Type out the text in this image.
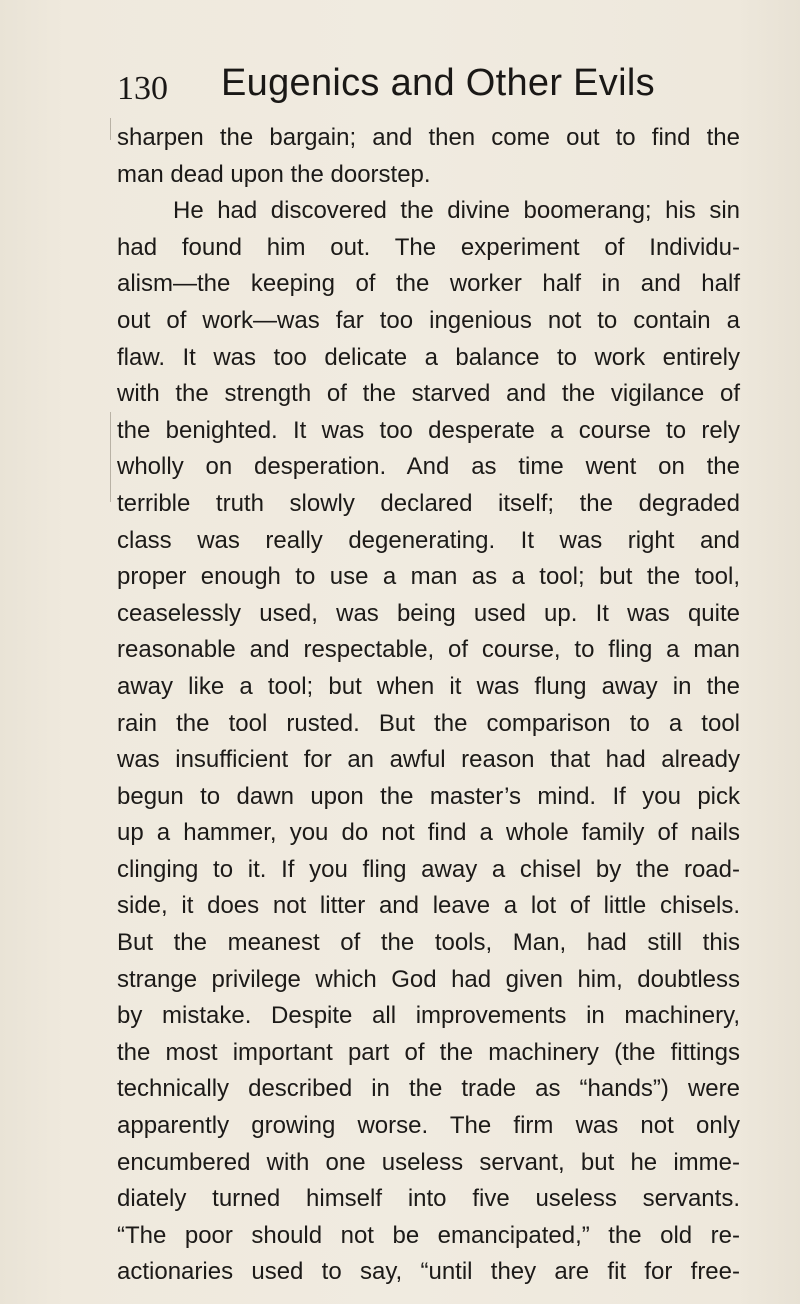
130 Eugenics and Other Evils
sharpen the bargain; and then come out to find the
man dead upon the doorstep.
He had discovered the divine boomerang; his sin
had found him out. The experiment of Individu-
alism—the keeping of the worker half in and half
out of work—was far too ingenious not to contain a
flaw. It was too delicate a balance to work entirely
with the strength of the starved and the vigilance of
the benighted. It was too desperate a course to rely
wholly on desperation. And as time went on the
terrible truth slowly declared itself; the degraded
class was really degenerating. It was right and
proper enough to use a man as a tool; but the tool,
ceaselessly used, was being used up. It was quite
reasonable and respectable, of course, to fling a man
away like a tool; but when it was flung away in the
rain the tool rusted. But the comparison to a tool
was insufficient for an awful reason that had already
begun to dawn upon the master’s mind. If you pick
up a hammer, you do not find a whole family of nails
clinging to it. If you fling away a chisel by the road-
side, it does not litter and leave a lot of little chisels.
But the meanest of the tools, Man, had still this
strange privilege which God had given him, doubtless
by mistake. Despite all improvements in machinery,
the most important part of the machinery (the fittings
technically described in the trade as “hands”) were
apparently growing worse. The firm was not only
encumbered with one useless servant, but he imme-
diately turned himself into five useless servants.
“The poor should not be emancipated,” the old re-
actionaries used to say, “until they are fit for free-
